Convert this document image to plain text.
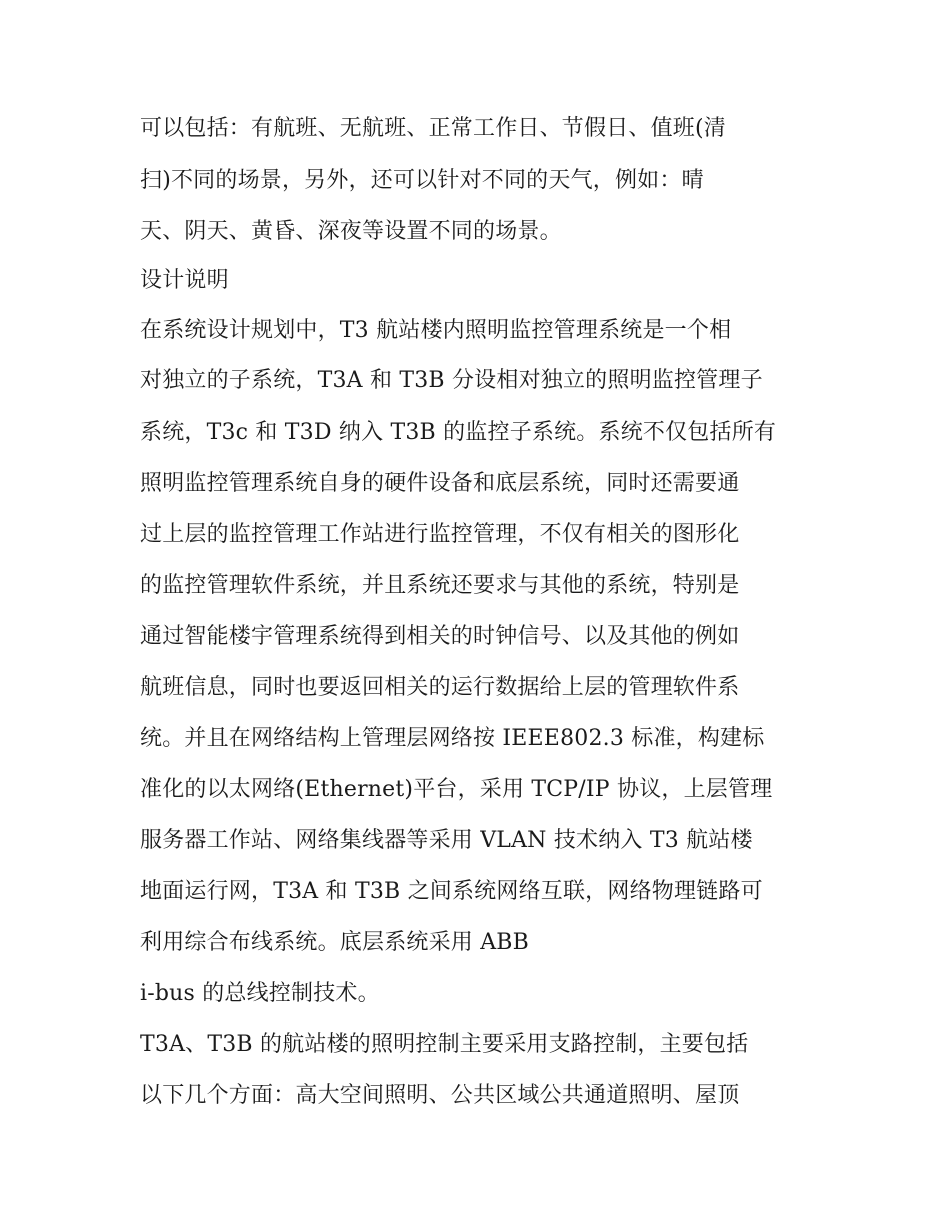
可以包括：有航班、无航班、正常工作日、节假日、值班(清
扫)不同的场景，另外，还可以针对不同的天气，例如：晴
天、阴天、黄昏、深夜等设置不同的场景。
设计说明
在系统设计规划中，T3 航站楼内照明监控管理系统是一个相
对独立的子系统，T3A 和 T3B 分设相对独立的照明监控管理子
系统，T3c 和 T3D 纳入 T3B 的监控子系统。系统不仅包括所有
照明监控管理系统自身的硬件设备和底层系统，同时还需要通
过上层的监控管理工作站进行监控管理，不仅有相关的图形化
的监控管理软件系统，并且系统还要求与其他的系统，特别是
通过智能楼宇管理系统得到相关的时钟信号、以及其他的例如
航班信息，同时也要返回相关的运行数据给上层的管理软件系
统。并且在网络结构上管理层网络按 IEEE802.3 标准，构建标
准化的以太网络(Ethernet)平台，采用 TCP/IP 协议，上层管理
服务器工作站、网络集线器等采用 VLAN 技术纳入 T3 航站楼
地面运行网，T3A 和 T3B 之间系统网络互联，网络物理链路可
利用综合布线系统。底层系统采用 ABB
i-bus 的总线控制技术。
T3A、T3B 的航站楼的照明控制主要采用支路控制，主要包括
以下几个方面：高大空间照明、公共区域公共通道照明、屋顶
